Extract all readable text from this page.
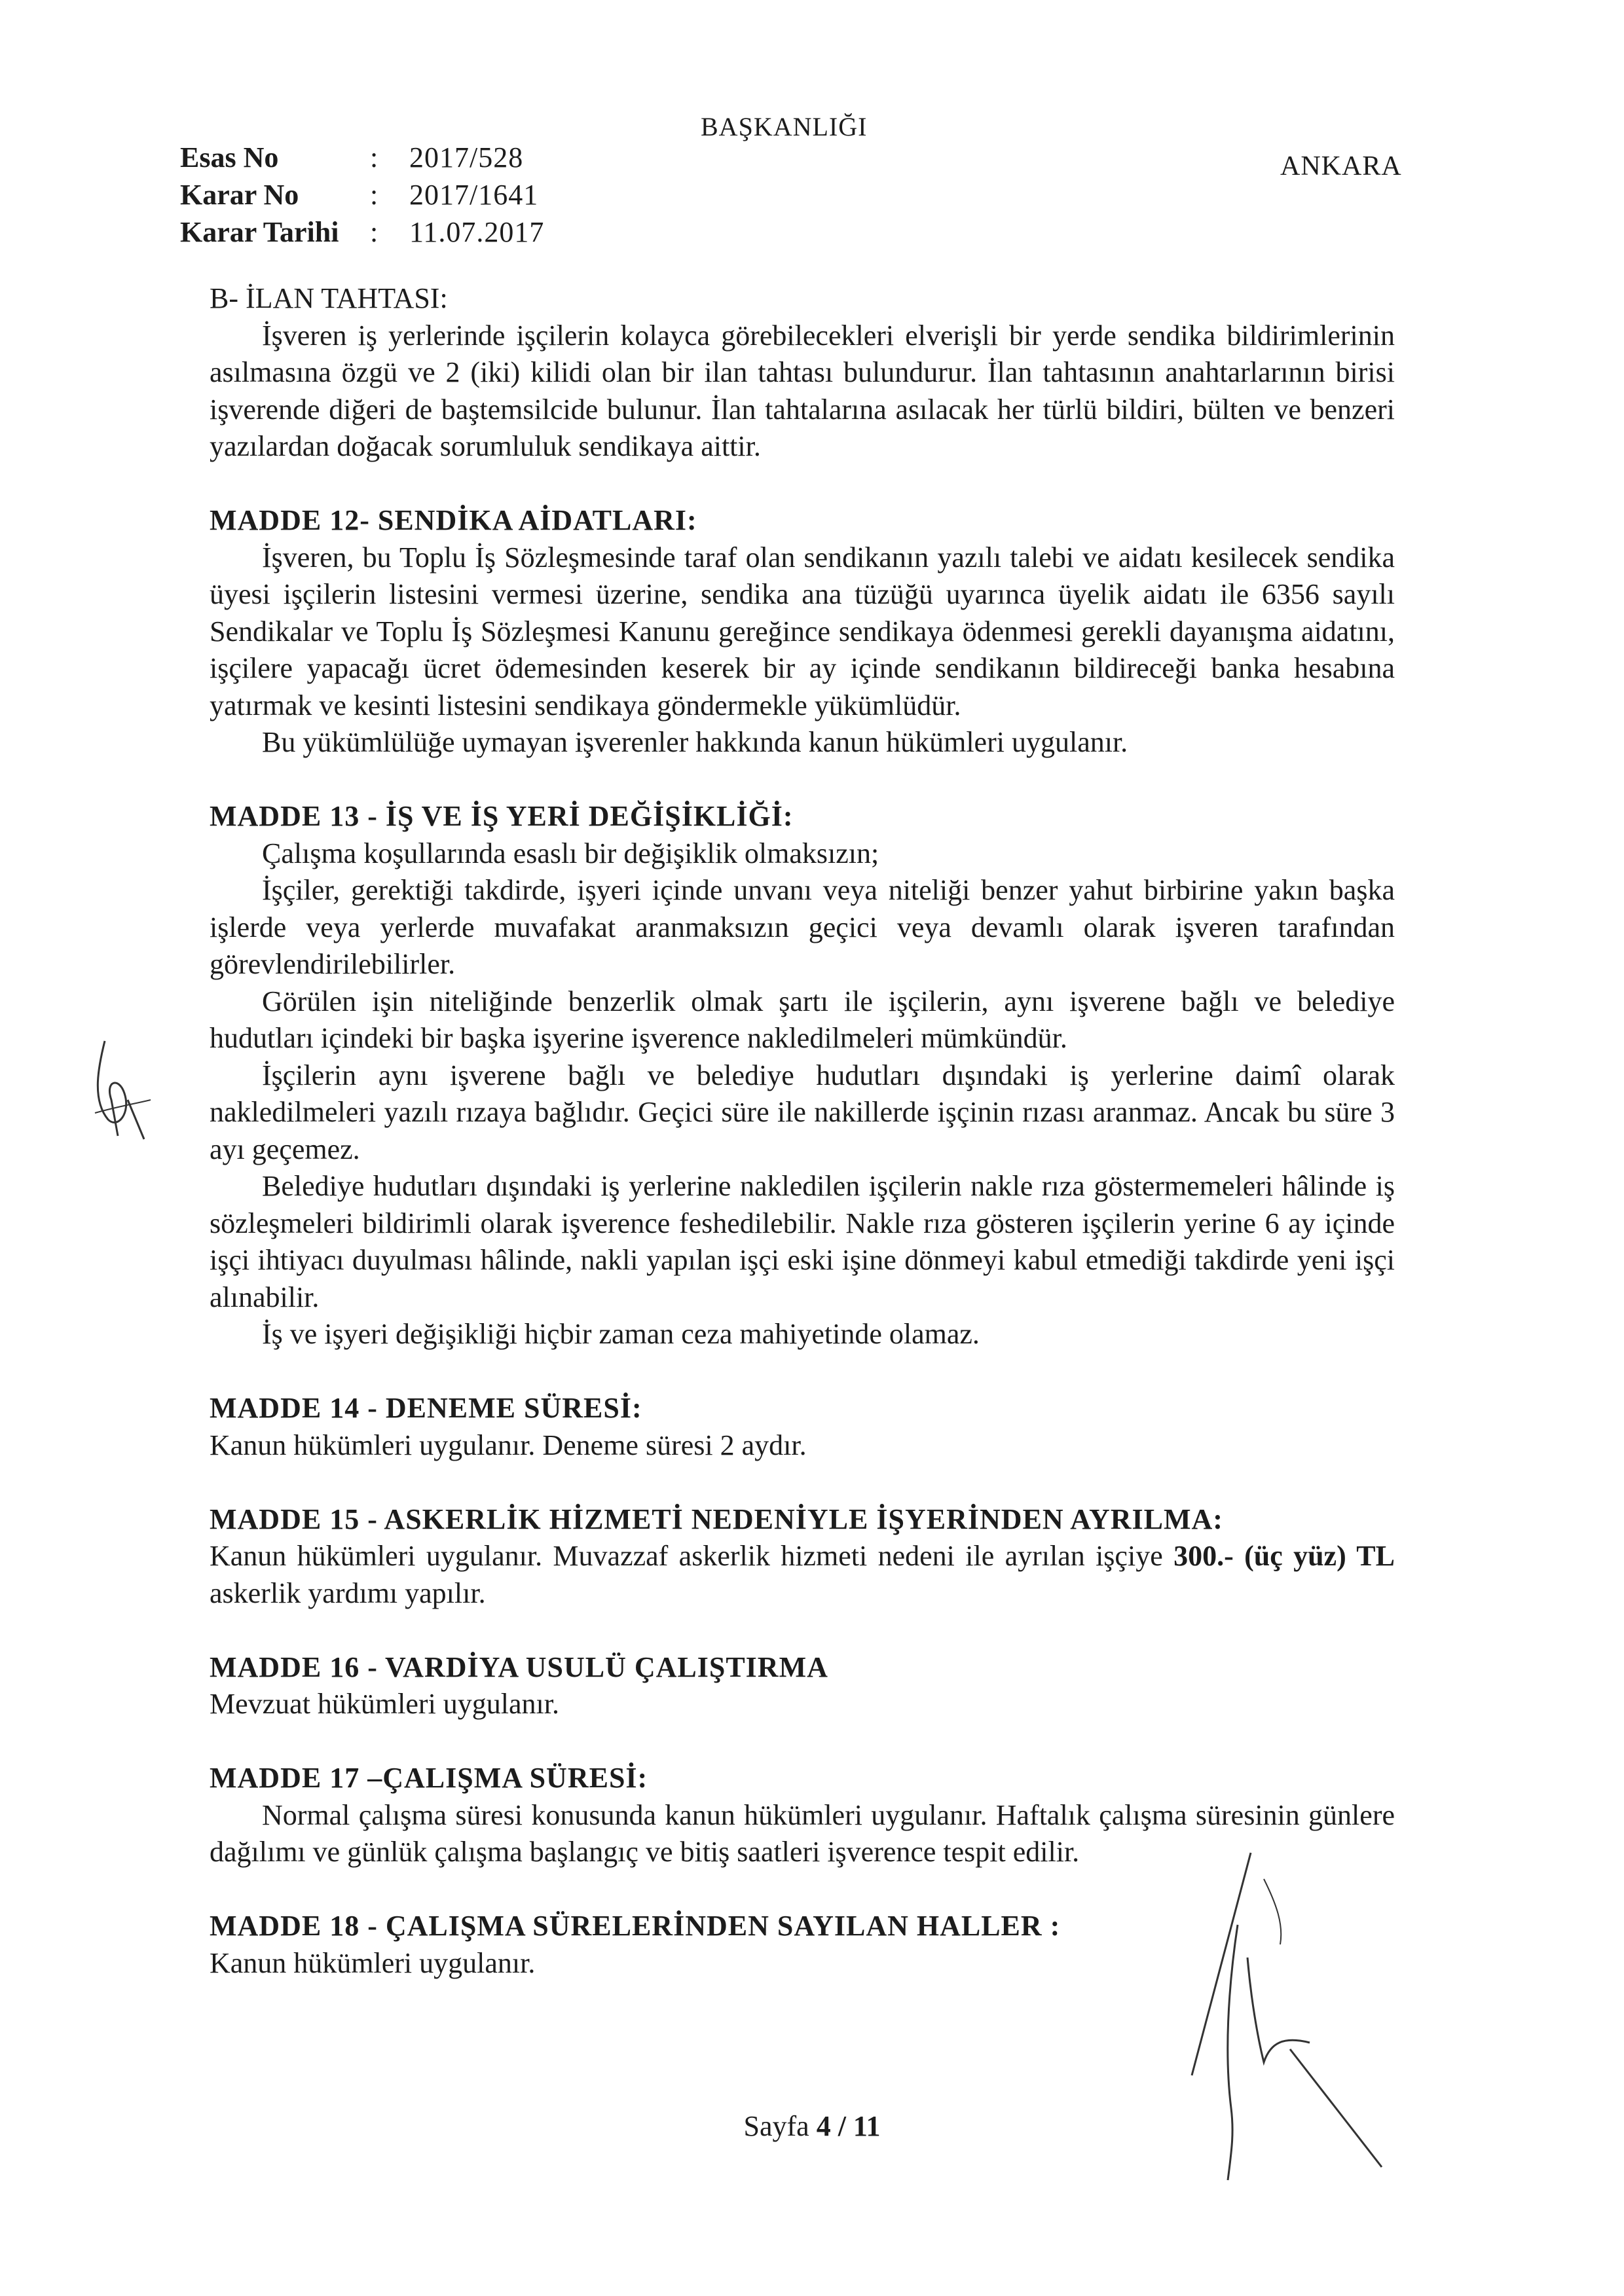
BAŞKANLIĞI
ANKARA
Esas No	: 2017/528
Karar No : 2017/1641
Karar Tarihi : 11.07.2017
B- İLAN TAHTASI:
İşveren iş yerlerinde işçilerin kolayca görebilecekleri elverişli bir yerde sendika bildirimlerinin asılmasına özgü ve 2 (iki) kilidi olan bir ilan tahtası bulundurur. İlan tahtasının anahtarlarının birisi işverende diğeri de baştemsilcide bulunur. İlan tahtalarına asılacak her türlü bildiri, bülten ve benzeri yazılardan doğacak sorumluluk sendikaya aittir.
MADDE 12- SENDİKA AİDATLARI:
İşveren, bu Toplu İş Sözleşmesinde taraf olan sendikanın yazılı talebi ve aidatı kesilecek sendika üyesi işçilerin listesini vermesi üzerine, sendika ana tüzüğü uyarınca üyelik aidatı ile 6356 sayılı Sendikalar ve Toplu İş Sözleşmesi Kanunu gereğince sendikaya ödenmesi gerekli dayanışma aidatını, işçilere yapacağı ücret ödemesinden keserek bir ay içinde sendikanın bildireceği banka hesabına yatırmak ve kesinti listesini sendikaya göndermekle yükümlüdür.
Bu yükümlülüğe uymayan işverenler hakkında kanun hükümleri uygulanır.
MADDE 13 - İŞ VE İŞ YERİ DEĞİŞİKLİĞİ:
Çalışma koşullarında esaslı bir değişiklik olmaksızın;
İşçiler, gerektiği takdirde, işyeri içinde unvanı veya niteliği benzer yahut birbirine yakın başka işlerde veya yerlerde muvafakat aranmaksızın geçici veya devamlı olarak işveren tarafından görevlendirilebilirler.
Görülen işin niteliğinde benzerlik olmak şartı ile işçilerin, aynı işverene bağlı ve belediye hudutları içindeki bir başka işyerine işverence nakledilmeleri mümkündür.
İşçilerin aynı işverene bağlı ve belediye hudutları dışındaki iş yerlerine daimî olarak nakledilmeleri yazılı rızaya bağlıdır. Geçici süre ile nakillerde işçinin rızası aranmaz. Ancak bu süre 3 ayı geçemez.
Belediye hudutları dışındaki iş yerlerine nakledilen işçilerin nakle rıza göstermemeleri hâlinde iş sözleşmeleri bildirimli olarak işverence feshedilebilir. Nakle rıza gösteren işçilerin yerine 6 ay içinde işçi ihtiyacı duyulması hâlinde, nakli yapılan işçi eski işine dönmeyi kabul etmediği takdirde yeni işçi alınabilir.
İş ve işyeri değişikliği hiçbir zaman ceza mahiyetinde olamaz.
MADDE 14 - DENEME SÜRESİ:
Kanun hükümleri uygulanır. Deneme süresi 2 aydır.
MADDE 15 - ASKERLİK HİZMETİ NEDENİYLE İŞYERİNDEN AYRILMA:
Kanun hükümleri uygulanır. Muvazzaf askerlik hizmeti nedeni ile ayrılan işçiye 300.- (üç yüz) TL askerlik yardımı yapılır.
MADDE 16 - VARDİYA USULÜ ÇALIŞTIRMA
Mevzuat hükümleri uygulanır.
MADDE 17 –ÇALIŞMA SÜRESİ:
Normal çalışma süresi konusunda kanun hükümleri uygulanır. Haftalık çalışma süresinin günlere dağılımı ve günlük çalışma başlangıç ve bitiş saatleri işverence tespit edilir.
MADDE 18 - ÇALIŞMA SÜRELERİNDEN SAYILAN HALLER :
Kanun hükümleri uygulanır.
Sayfa 4 / 11
